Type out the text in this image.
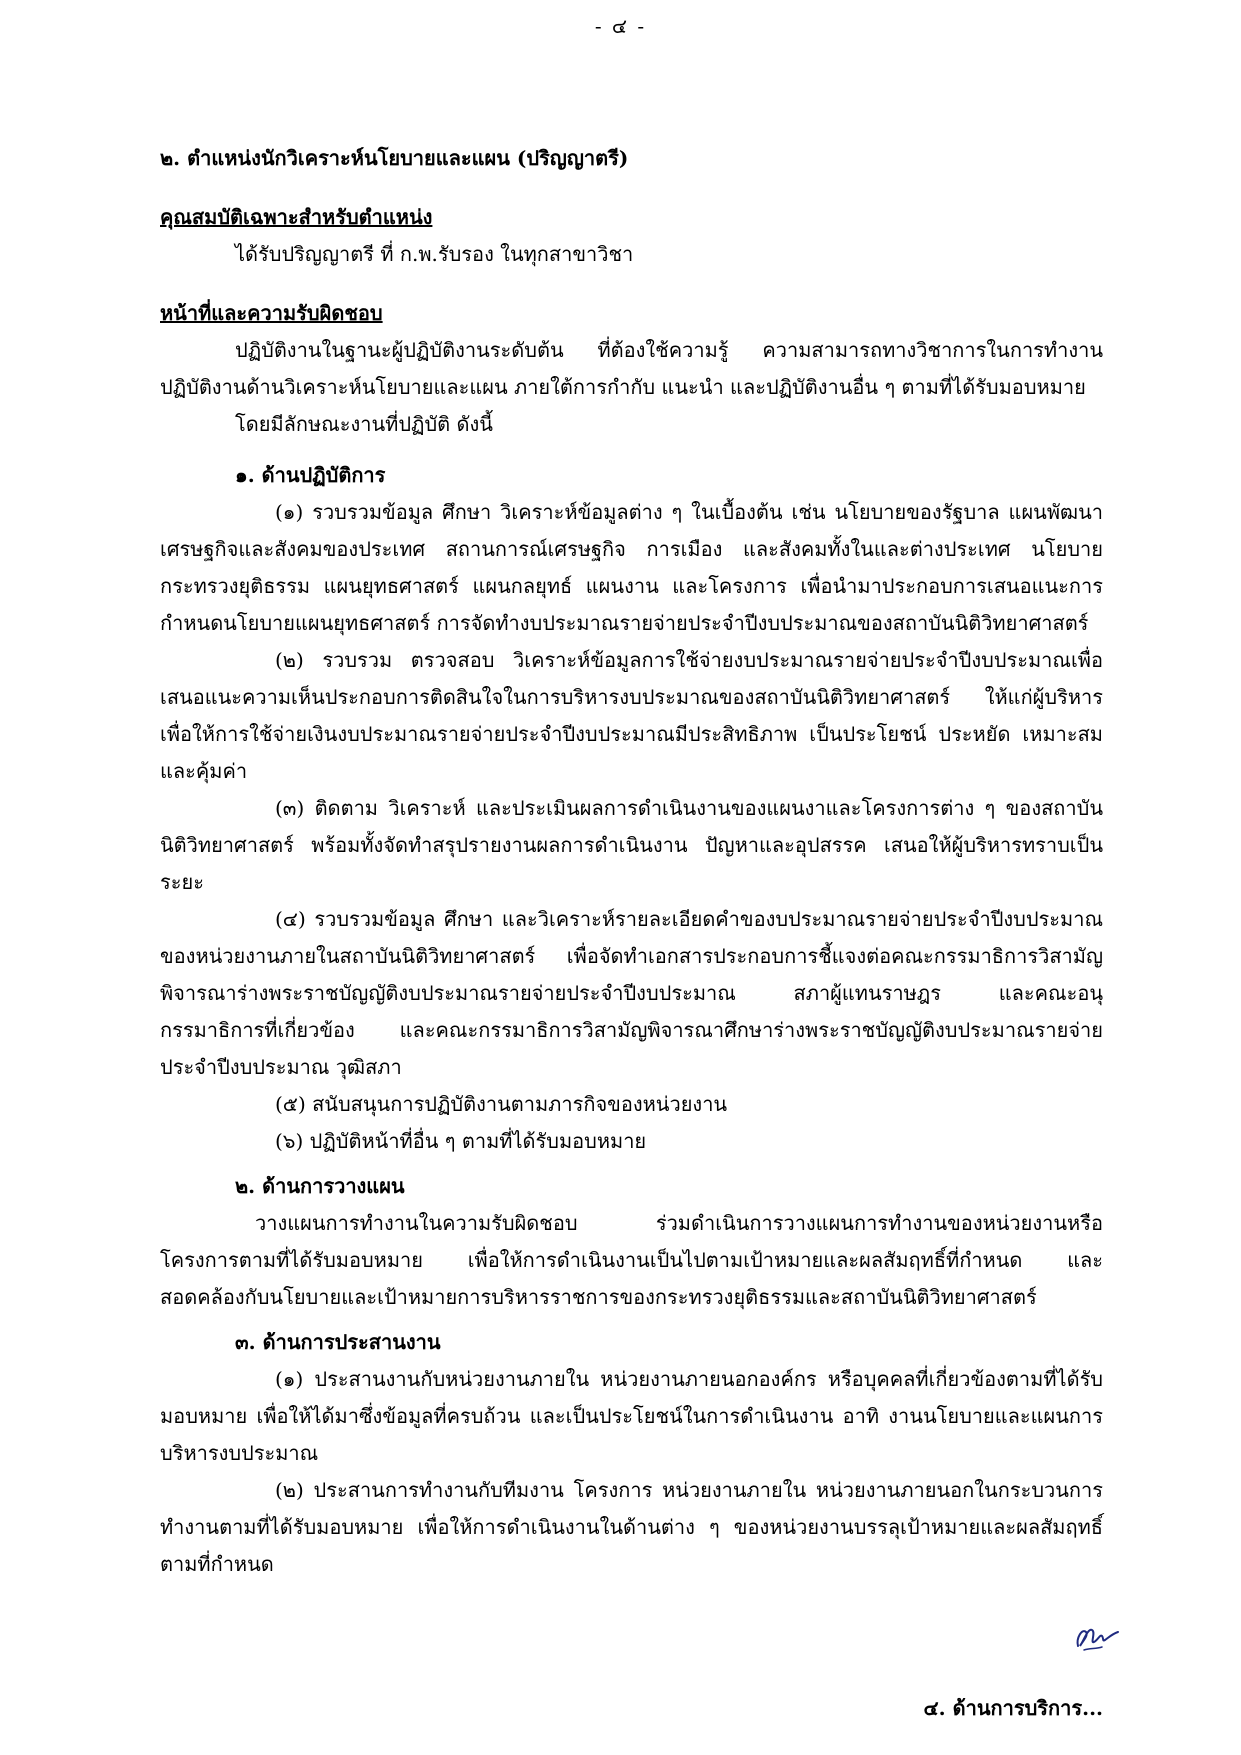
- ๔ -

๒. ตำแหน่งนักวิเคราะห์นโยบายและแผน (ปริญญาตรี)

คุณสมบัติเฉพาะสำหรับตำแหน่ง

ได้รับปริญญาตรี ที่ ก.พ.รับรอง ในทุกสาขาวิชา

หน้าที่และความรับผิดชอบ

ปฏิบัติงานในฐานะผู้ปฏิบัติงานระดับต้น ที่ต้องใช้ความรู้ ความสามารถทางวิชาการในการทำงาน ปฏิบัติงานด้านวิเคราะห์นโยบายและแผน ภายใต้การกำกับ แนะนำ และปฏิบัติงานอื่น ๆ ตามที่ได้รับมอบหมาย

โดยมีลักษณะงานที่ปฏิบัติ ดังนี้

๑. ด้านปฏิบัติการ

(๑) รวบรวมข้อมูล ศึกษา วิเคราะห์ข้อมูลต่าง ๆ ในเบื้องต้น เช่น นโยบายของรัฐบาล แผนพัฒนาเศรษฐกิจและสังคมของประเทศ สถานการณ์เศรษฐกิจ การเมือง และสังคมทั้งในและต่างประเทศ นโยบายกระทรวงยุติธรรม แผนยุทธศาสตร์ แผนกลยุทธ์ แผนงาน และโครงการ เพื่อนำมาประกอบการเสนอแนะการกำหนดนโยบายแผนยุทธศาสตร์ การจัดทำงบประมาณรายจ่ายประจำปีงบประมาณของสถาบันนิติวิทยาศาสตร์

(๒) รวบรวม ตรวจสอบ วิเคราะห์ข้อมูลการใช้จ่ายงบประมาณรายจ่ายประจำปีงบประมาณเพื่อเสนอแนะความเห็นประกอบการติดสินใจในการบริหารงบประมาณของสถาบันนิติวิทยาศาสตร์ ให้แก่ผู้บริหาร เพื่อให้การใช้จ่ายเงินงบประมาณรายจ่ายประจำปีงบประมาณมีประสิทธิภาพ เป็นประโยชน์ ประหยัด เหมาะสม และคุ้มค่า

(๓) ติดตาม วิเคราะห์ และประเมินผลการดำเนินงานของแผนงาและโครงการต่าง ๆ ของสถาบันนิติวิทยาศาสตร์ พร้อมทั้งจัดทำสรุปรายงานผลการดำเนินงาน ปัญหาและอุปสรรค เสนอให้ผู้บริหารทราบเป็นระยะ

(๔) รวบรวมข้อมูล ศึกษา และวิเคราะห์รายละเอียดคำของบประมาณรายจ่ายประจำปีงบประมาณของหน่วยงานภายในสถาบันนิติวิทยาศาสตร์ เพื่อจัดทำเอกสารประกอบการชี้แจงต่อคณะกรรมาธิการวิสามัญพิจารณาร่างพระราชบัญญัติงบประมาณรายจ่ายประจำปีงบประมาณ สภาผู้แทนราษฎร และคณะอนุกรรมาธิการที่เกี่ยวข้อง และคณะกรรมาธิการวิสามัญพิจารณาศึกษาร่างพระราชบัญญัติงบประมาณรายจ่ายประจำปีงบประมาณ วุฒิสภา

(๕) สนับสนุนการปฏิบัติงานตามภารกิจของหน่วยงาน

(๖) ปฏิบัติหน้าที่อื่น ๆ ตามที่ได้รับมอบหมาย

๒. ด้านการวางแผน

วางแผนการทำงานในความรับผิดชอบ ร่วมดำเนินการวางแผนการทำงานของหน่วยงานหรือโครงการตามที่ได้รับมอบหมาย เพื่อให้การดำเนินงานเป็นไปตามเป้าหมายและผลสัมฤทธิ์ที่กำหนด และสอดคล้องกับนโยบายและเป้าหมายการบริหารราชการของกระทรวงยุติธรรมและสถาบันนิติวิทยาศาสตร์

๓. ด้านการประสานงาน

(๑) ประสานงานกับหน่วยงานภายใน หน่วยงานภายนอกองค์กร หรือบุคคลที่เกี่ยวข้องตามที่ได้รับมอบหมาย เพื่อให้ได้มาซึ่งข้อมูลที่ครบถ้วน และเป็นประโยชน์ในการดำเนินงาน อาทิ งานนโยบายและแผนการบริหารงบประมาณ

(๒) ประสานการทำงานกับทีมงาน โครงการ หน่วยงานภายใน หน่วยงานภายนอกในกระบวนการทำงานตามที่ได้รับมอบหมาย เพื่อให้การดำเนินงานในด้านต่าง ๆ ของหน่วยงานบรรลุเป้าหมายและผลสัมฤทธิ์ตามที่กำหนด

๔. ด้านการบริการ...
